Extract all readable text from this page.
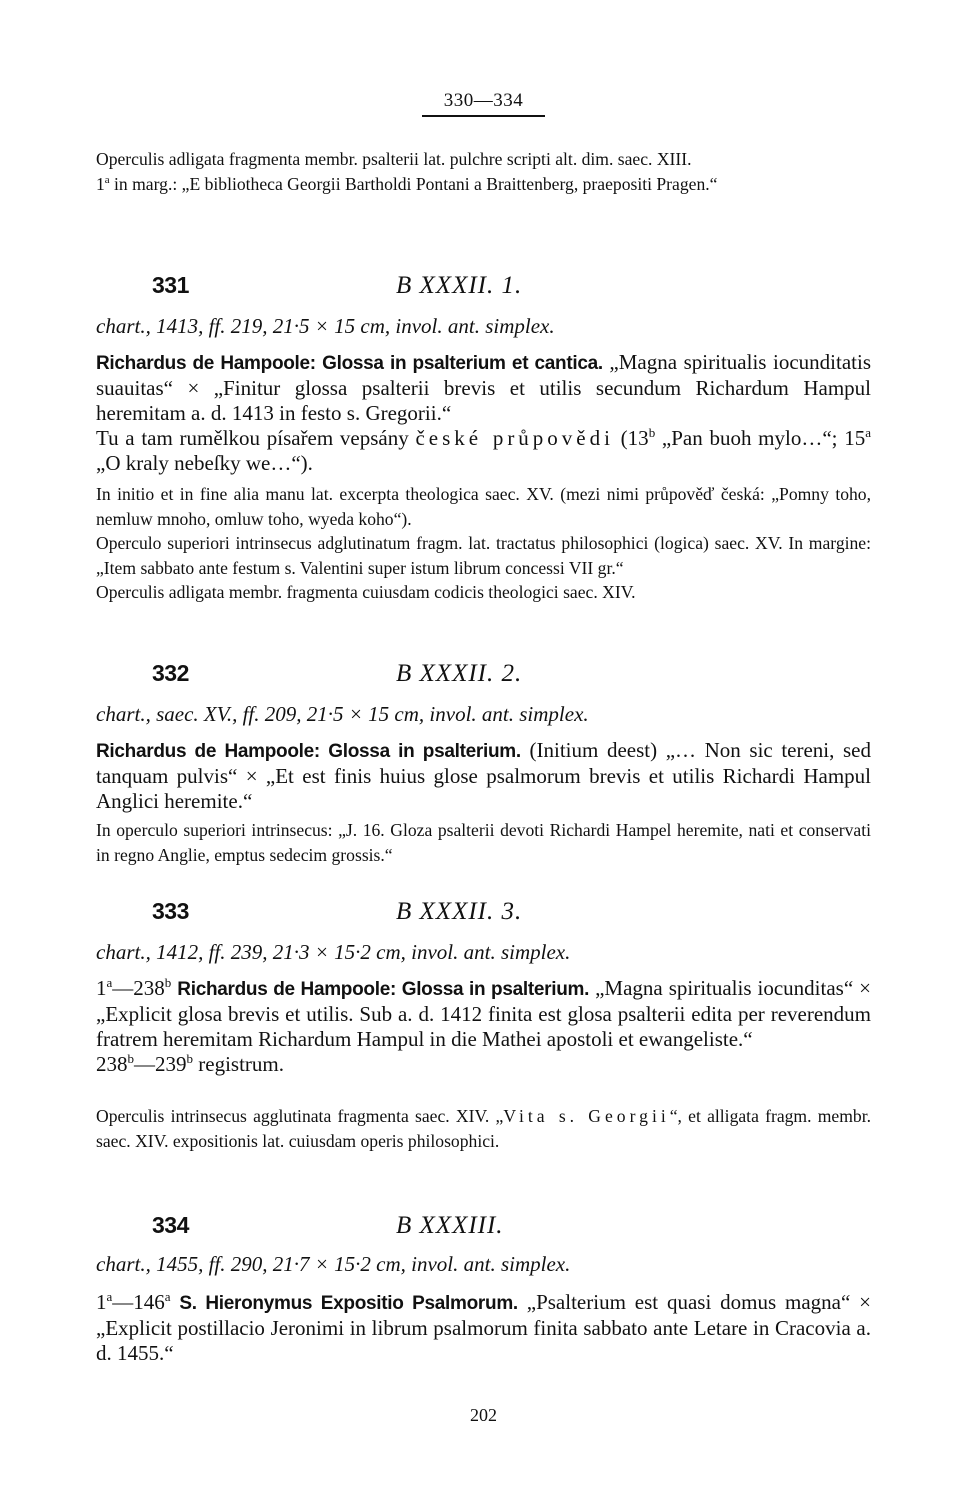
330—334

Operculis adligata fragmenta membr. psalterii lat. pulchre scripti alt. dim. saec. XIII.

1$^a$ in marg.: „E bibliotheca Georgii Bartholdi Pontani a Braittenberg, praepositi Pragen.“

331	B XXXII. 1.
chart., 1413, ff. 219, 21·5 × 15 cm, invol. ant. simplex.

Richardus de Hampoole: Glossa in psalterium et cantica. „Magna spiritualis iocunditatis suauitas“ × „Finitur glossa psalterii brevis et utilis secundum Richardum Hampul heremitam a. d. 1413 in festo s. Gregorii.“

Tu a tam rumělkou písařem vepsány české průpovědi (13$^b$ „Pan buoh mylo…“; 15$^a$ „O kraly nebeſky we…“).

In initio et in fine alia manu lat. excerpta theologica saec. XV. (mezi nimi průpověď česká: „Pomny toho, nemluw mnoho, omluw toho, wyeda koho“).

Operculo superiori intrinsecus adglutinatum fragm. lat. tractatus philosophici (logica) saec. XV. In margine: „Item sabbato ante festum s. Valentini super istum librum concessi VII gr.“

Operculis adligata membr. fragmenta cuiusdam codicis theologici saec. XIV.

332	B XXXII. 2.
chart., saec. XV., ff. 209, 21·5 × 15 cm, invol. ant. simplex.

Richardus de Hampoole: Glossa in psalterium. (Initium deest) „… Non sic tereni, sed tanquam pulvis“ × „Et est finis huius glose psalmorum brevis et utilis Richardi Hampul Anglici heremite.“

In operculo superiori intrinsecus: „J. 16. Gloza psalterii devoti Richardi Hampel heremite, nati et conservati in regno Anglie, emptus sedecim grossis.“

333	B XXXII. 3.
chart., 1412, ff. 239, 21·3 × 15·2 cm, invol. ant. simplex.

1$^a$—238$^b$ Richardus de Hampoole: Glossa in psalterium. „Magna spiritualis iocunditas“ × „Explicit glosa brevis et utilis. Sub a. d. 1412 finita est glosa psalterii edita per reverendum fratrem heremitam Richardum Hampul in die Mathei apostoli et ewangeliste.“

238$^b$—239$^b$ registrum.

Operculis intrinsecus agglutinata fragmenta saec. XIV. „Vita s. Georgii“, et alligata fragm. membr. saec. XIV. expositionis lat. cuiusdam operis philosophici.

334	B XXXIII.
chart., 1455, ff. 290, 21·7 × 15·2 cm, invol. ant. simplex.

1$^a$—146$^a$ S. Hieronymus Expositio Psalmorum. „Psalterium est quasi domus magna“ × „Explicit postillacio Jeronimi in librum psalmorum finita sabbato ante Letare in Cracovia a. d. 1455.“

202
